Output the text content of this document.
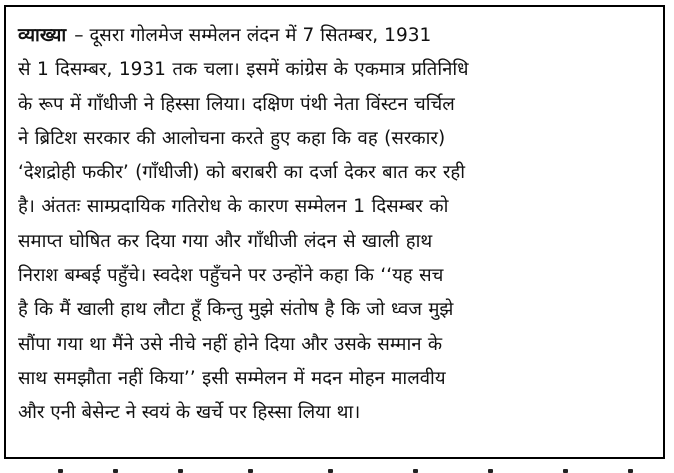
व्याख्या – दूसरा गोलमेज सम्मेलन लंदन में 7 सितम्बर, 1931
से 1 दिसम्बर, 1931 तक चला। इसमें कांग्रेस के एकमात्र प्रतिनिधि
के रूप में गाँधीजी ने हिस्सा लिया। दक्षिण पंथी नेता विंस्टन चर्चिल
ने ब्रिटिश सरकार की आलोचना करते हुए कहा कि वह (सरकार)
‘देशद्रोही फकीर’ (गाँधीजी) को बराबरी का दर्जा देकर बात कर रही
है। अंततः साम्प्रदायिक गतिरोध के कारण सम्मेलन 1 दिसम्बर को
समाप्त घोषित कर दिया गया और गाँधीजी लंदन से खाली हाथ
निराश बम्बई पहुँचे। स्वदेश पहुँचने पर उन्होंने कहा कि ‘‘यह सच
है कि मैं खाली हाथ लौटा हूँ किन्तु मुझे संतोष है कि जो ध्वज मुझे
सौंपा गया था मैंने उसे नीचे नहीं होने दिया और उसके सम्मान के
साथ समझौता नहीं किया’’ इसी सम्मेलन में मदन मोहन मालवीय
और एनी बेसेन्ट ने स्वयं के खर्चे पर हिस्सा लिया था।
